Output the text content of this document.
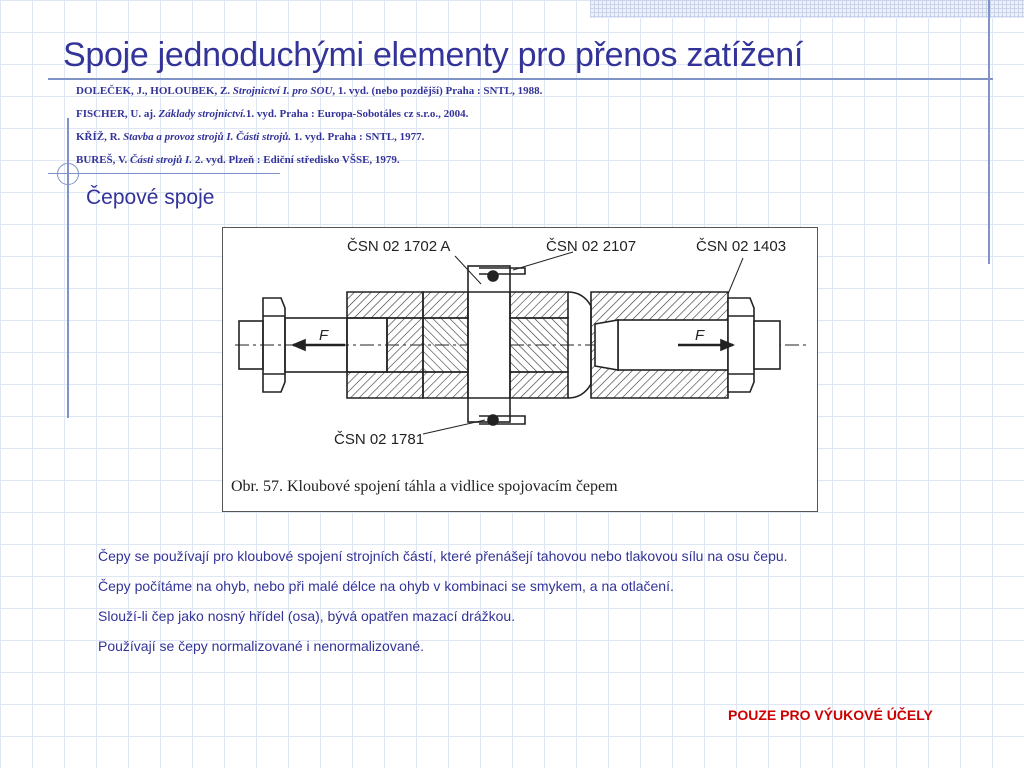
Spoje jednoduchými elementy pro přenos zatížení
DOLEČEK, J., HOLOUBEK, Z. Strojnictví I. pro SOU, 1. vyd. (nebo pozdější) Praha : SNTL, 1988.
FISCHER, U. aj. Základy strojnictví.1. vyd. Praha : Europa-Sobotáles cz s.r.o., 2004.
KŘÍŽ, R. Stavba a provoz strojů I. Části strojů. 1. vyd. Praha : SNTL, 1977.
BUREŠ, V. Části strojů I. 2. vyd. Plzeň : Ediční středisko VŠSE, 1979.
Čepové spoje
ČSN 02 1702 A	ČSN 02 2107	ČSN 02 1403
ČSN 02 1781
F	F
Obr. 57. Kloubové spojení táhla a vidlice spojovacím čepem
Čepy se používají pro kloubové spojení strojních částí, které přenášejí tahovou nebo tlakovou sílu na osu čepu.
Čepy počítáme na ohyb, nebo při malé délce na ohyb v kombinaci se smykem, a na otlačení.
Slouží-li čep jako nosný hřídel (osa), bývá opatřen mazací drážkou.
Používají se čepy normalizované i nenormalizované.
POUZE PRO VÝUKOVÉ ÚČELY
